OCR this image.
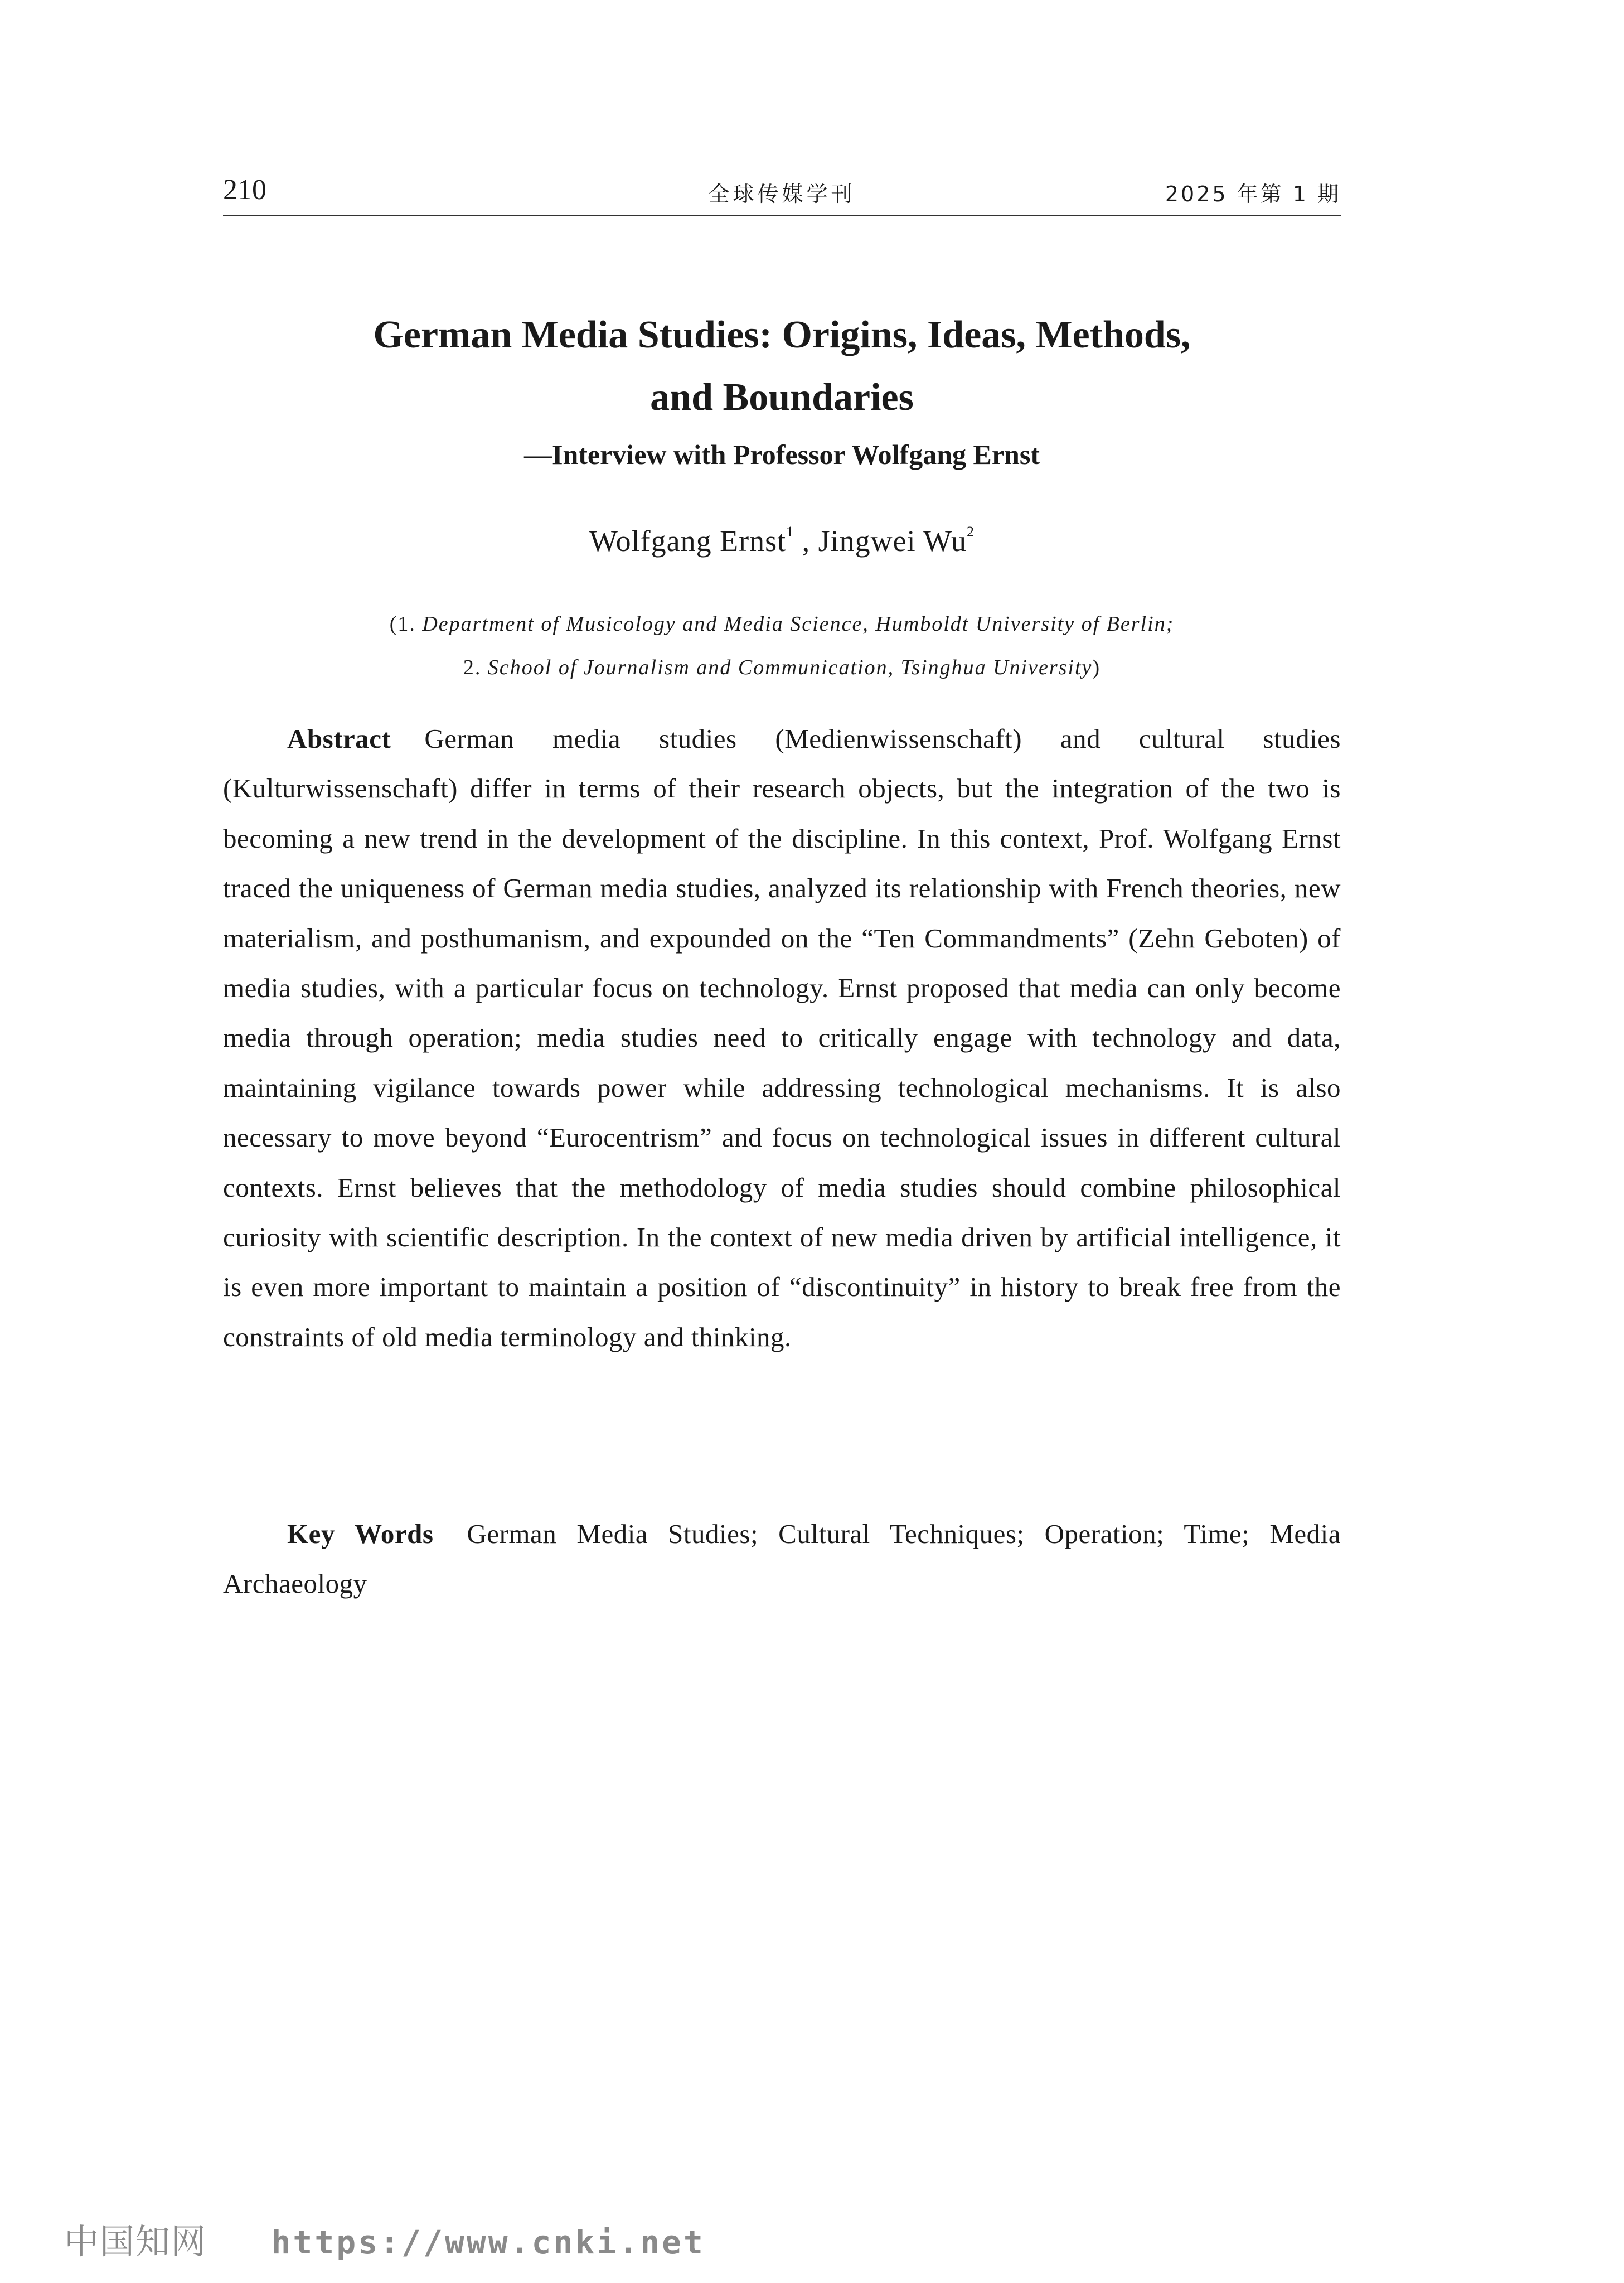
210	全球传媒学刊	2025 年第 1 期
German Media Studies: Origins, Ideas, Methods,
and Boundaries
—Interview with Professor Wolfgang Ernst
Wolfgang Ernst$^1$ , Jingwei Wu$^2$
(1. Department of Musicology and Media Science, Humboldt University of Berlin;
2. School of Journalism and Communication, Tsinghua University)

Abstract German media studies (Medienwissenschaft) and cultural studies (Kulturwissenschaft) differ in terms of their research objects, but the integration of the two is becoming a new trend in the development of the discipline. In this context, Prof. Wolfgang Ernst traced the uniqueness of German media studies, analyzed its relationship with French theories, new materialism, and posthumanism, and expounded on the “Ten Commandments” (Zehn Geboten) of media studies, with a particular focus on technology. Ernst proposed that media can only become media through operation; media studies need to critically engage with technology and data, maintaining vigilance towards power while addressing technological mechanisms. It is also necessary to move beyond “Eurocentrism” and focus on technological issues in different cultural contexts. Ernst believes that the methodology of media studies should combine philosophical curiosity with scientific description. In the context of new media driven by artificial intelligence, it is even more important to maintain a position of “discontinuity” in history to break free from the constraints of old media terminology and thinking.

Key Words German Media Studies; Cultural Techniques; Operation; Time; Media Archaeology

中国知网 https://www.cnki.net
